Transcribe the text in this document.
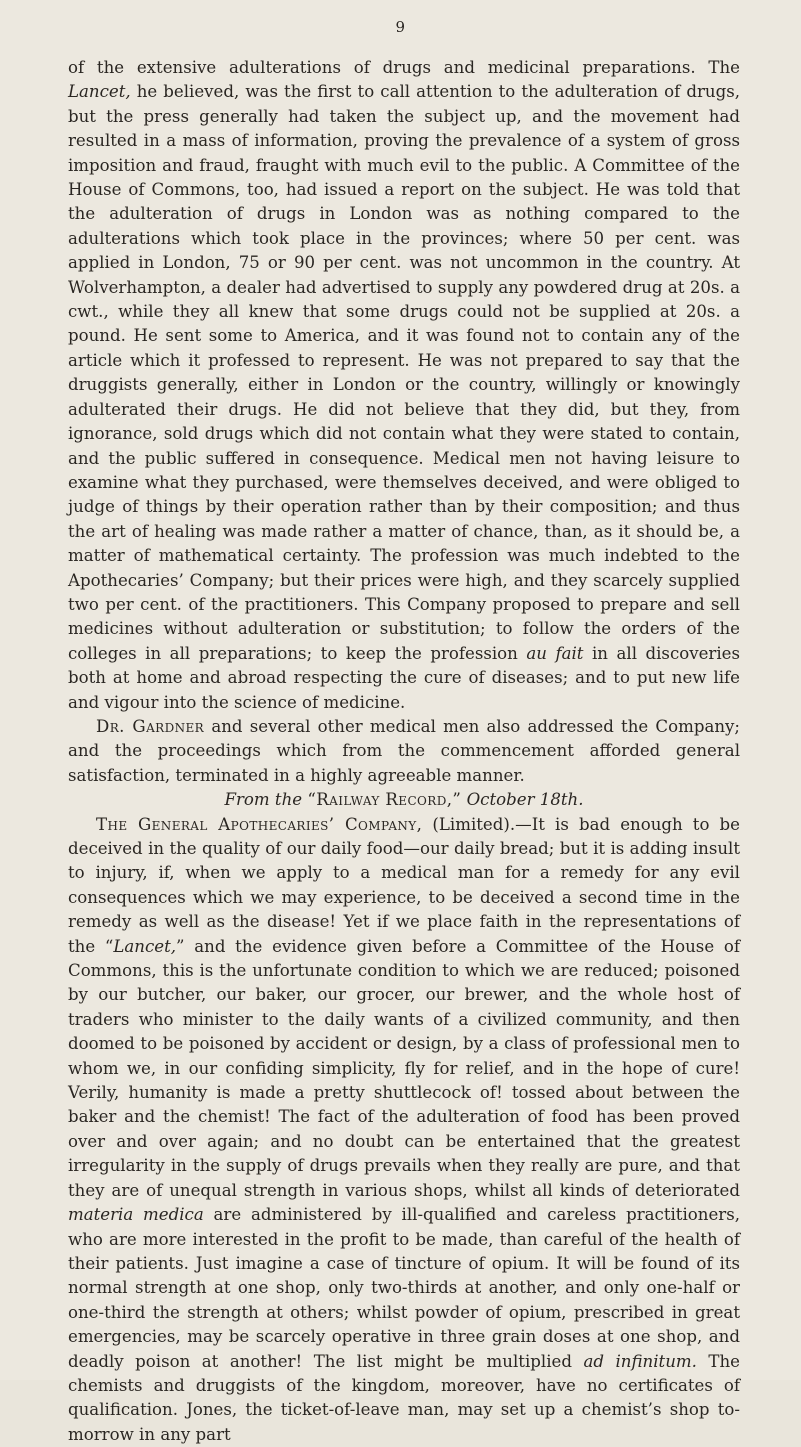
9

of the extensive adulterations of drugs and medicinal preparations. The Lancet, he believed, was the first to call attention to the adulteration of drugs, but the press generally had taken the subject up, and the movement had resulted in a mass of information, proving the prevalence of a system of gross imposition and fraud, fraught with much evil to the public. A Committee of the House of Commons, too, had issued a report on the subject. He was told that the adulteration of drugs in London was as nothing compared to the adulterations which took place in the provinces; where 50 per cent. was applied in London, 75 or 90 per cent. was not uncommon in the country. At Wolverhampton, a dealer had advertised to supply any powdered drug at 20s. a cwt., while they all knew that some drugs could not be supplied at 20s. a pound. He sent some to America, and it was found not to contain any of the article which it professed to represent. He was not prepared to say that the druggists generally, either in London or the country, willingly or knowingly adulterated their drugs. He did not believe that they did, but they, from ignorance, sold drugs which did not contain what they were stated to contain, and the public suffered in consequence. Medical men not having leisure to examine what they purchased, were themselves deceived, and were obliged to judge of things by their operation rather than by their composition; and thus the art of healing was made rather a matter of chance, than, as it should be, a matter of mathematical certainty. The profession was much indebted to the Apothecaries’ Company; but their prices were high, and they scarcely supplied two per cent. of the practitioners. This Company proposed to prepare and sell medicines without adulteration or substitution; to follow the orders of the colleges in all preparations; to keep the profession au fait in all discoveries both at home and abroad respecting the cure of diseases; and to put new life and vigour into the science of medicine.

Dr. Gardner and several other medical men also addressed the Company; and the proceedings which from the commencement afforded general satisfaction, terminated in a highly agreeable manner.

From the “Railway Record,” October 18th.

The General Apothecaries’ Company, (Limited).—It is bad enough to be deceived in the quality of our daily food—our daily bread; but it is adding insult to injury, if, when we apply to a medical man for a remedy for any evil consequences which we may experience, to be deceived a second time in the remedy as well as the disease! Yet if we place faith in the representations of the “Lancet,” and the evidence given before a Committee of the House of Commons, this is the unfortunate condition to which we are reduced; poisoned by our butcher, our baker, our grocer, our brewer, and the whole host of traders who minister to the daily wants of a civilized community, and then doomed to be poisoned by accident or design, by a class of professional men to whom we, in our confiding simplicity, fly for relief, and in the hope of cure! Verily, humanity is made a pretty shuttlecock of! tossed about between the baker and the chemist! The fact of the adulteration of food has been proved over and over again; and no doubt can be entertained that the greatest irregularity in the supply of drugs prevails when they really are pure, and that they are of unequal strength in various shops, whilst all kinds of deteriorated materia medica are administered by ill-qualified and careless practitioners, who are more interested in the profit to be made, than careful of the health of their patients. Just imagine a case of tincture of opium. It will be found of its normal strength at one shop, only two-thirds at another, and only one-half or one-third the strength at others; whilst powder of opium, prescribed in great emergencies, may be scarcely operative in three grain doses at one shop, and deadly poison at another! The list might be multiplied ad infinitum. The chemists and druggists of the kingdom, moreover, have no certificates of qualification. Jones, the ticket-of-leave man, may set up a chemist’s shop to-morrow in any part
